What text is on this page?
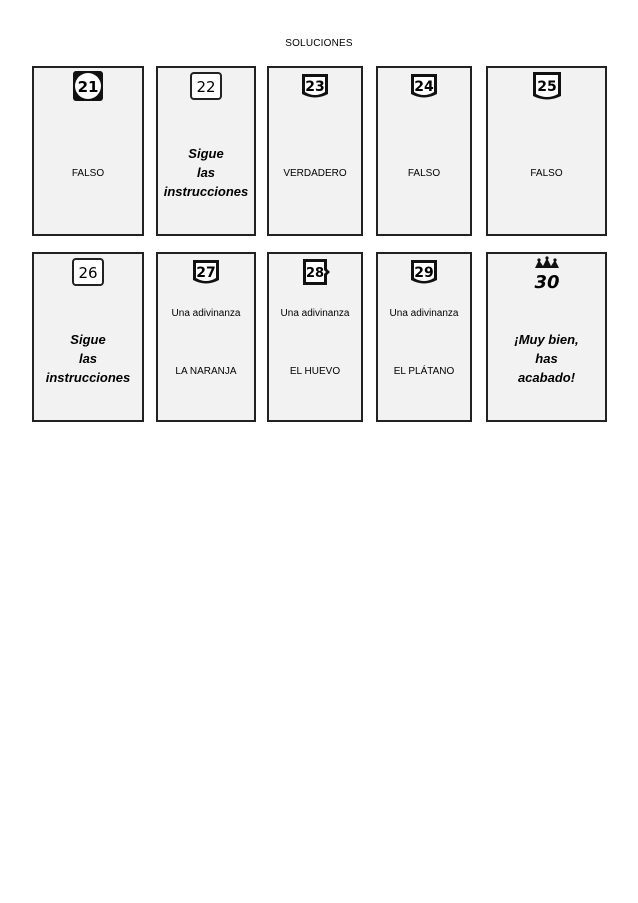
SOLUCIONES
21
FALSO
22
Sigue
las
instrucciones
23
VERDADERO
24
FALSO
25
FALSO
26
Sigue
las
instrucciones
27
Una adivinanza
LA NARANJA
28
Una adivinanza
EL HUEVO
29
Una adivinanza
EL PLÁTANO
30
¡Muy bien,
has
acabado!
